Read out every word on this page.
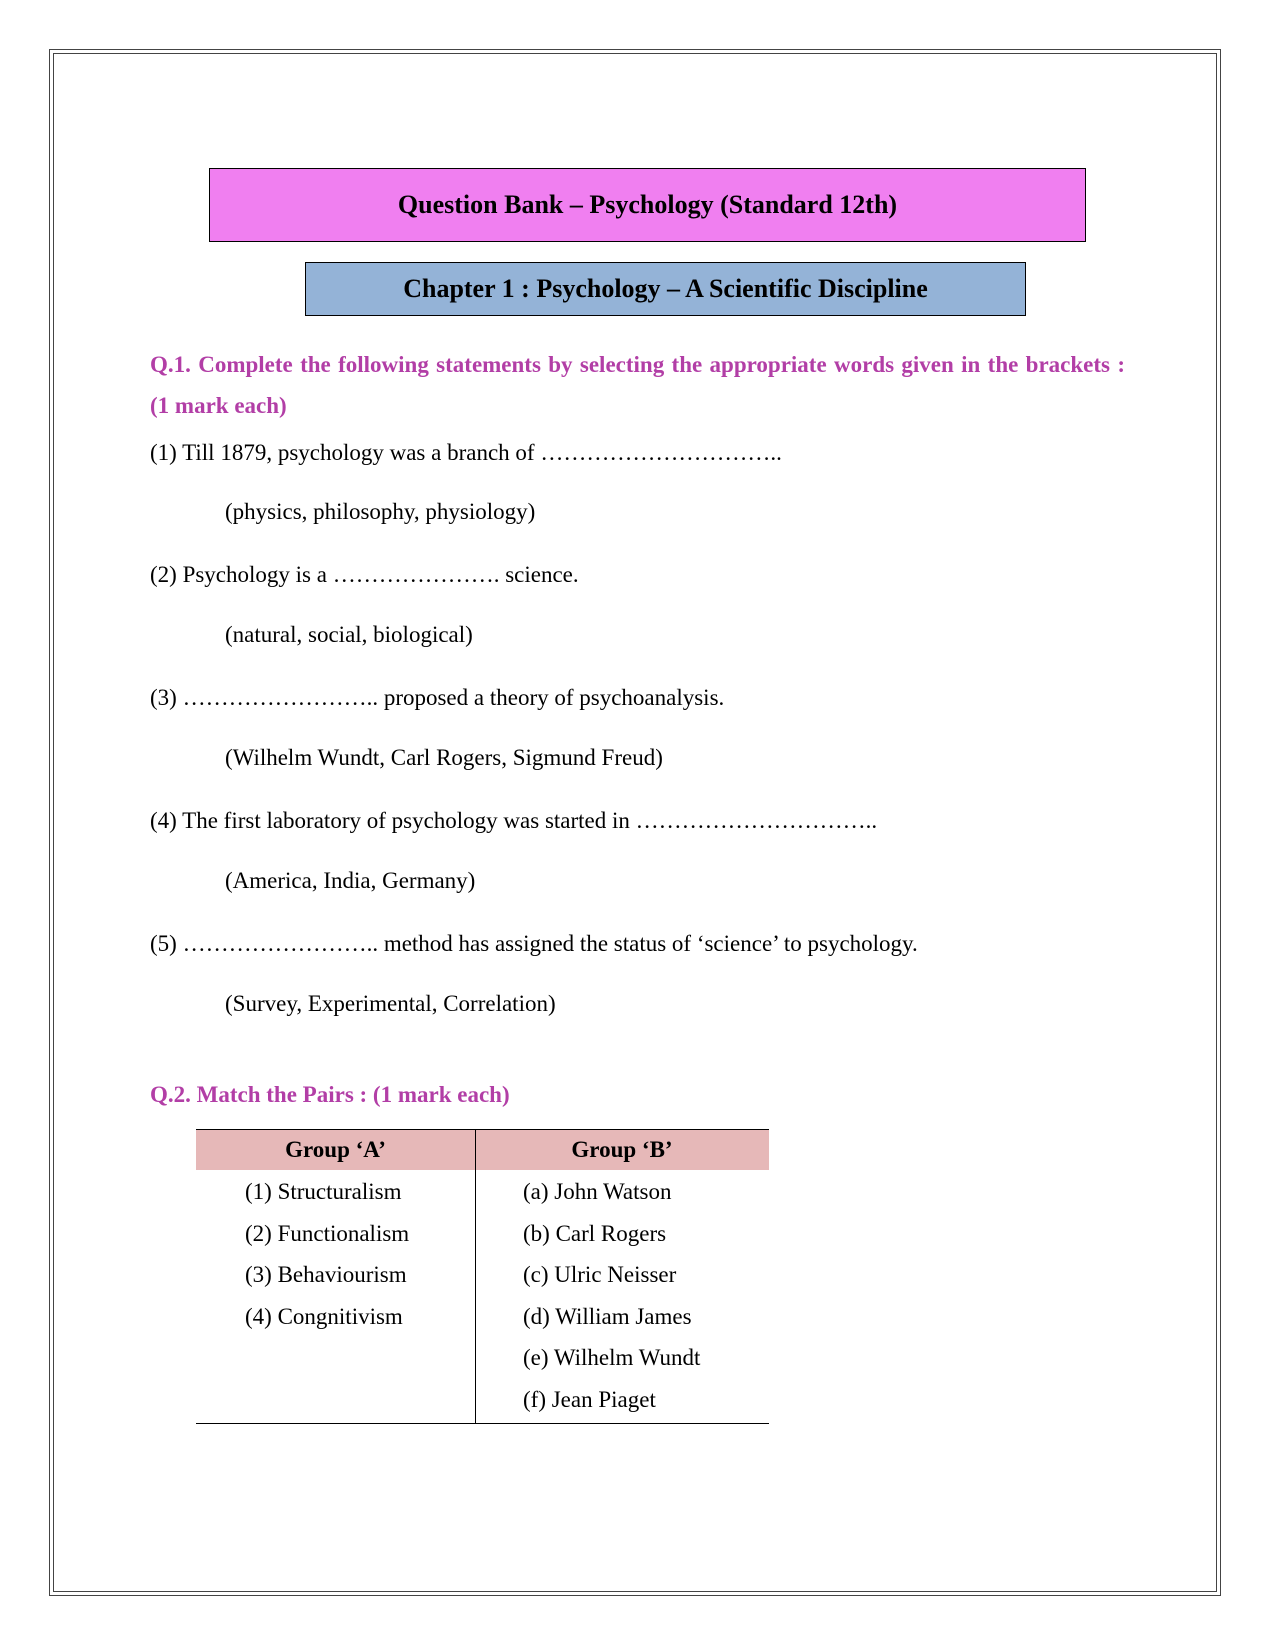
Question Bank – Psychology (Standard 12th)
Chapter 1 : Psychology – A Scientific Discipline
Q.1. Complete the following statements by selecting the appropriate words given in the brackets : (1 mark each)
(1) Till 1879, psychology was a branch of …………………………..
(physics, philosophy, physiology)
(2) Psychology is a …………………. science.
(natural, social, biological)
(3) …………………….. proposed a theory of psychoanalysis.
(Wilhelm Wundt, Carl Rogers, Sigmund Freud)
(4) The first laboratory of psychology was started in …………………………..
(America, India, Germany)
(5) …………………….. method has assigned the status of ‘science’ to psychology.
(Survey, Experimental, Correlation)
Q.2. Match the Pairs : (1 mark each)
Group ‘A’	Group ‘B’
(1) Structuralism
(2) Functionalism
(3) Behaviourism
(4) Congnitivism
(a) John Watson
(b) Carl Rogers
(c) Ulric Neisser
(d) William James
(e) Wilhelm Wundt
(f) Jean Piaget
